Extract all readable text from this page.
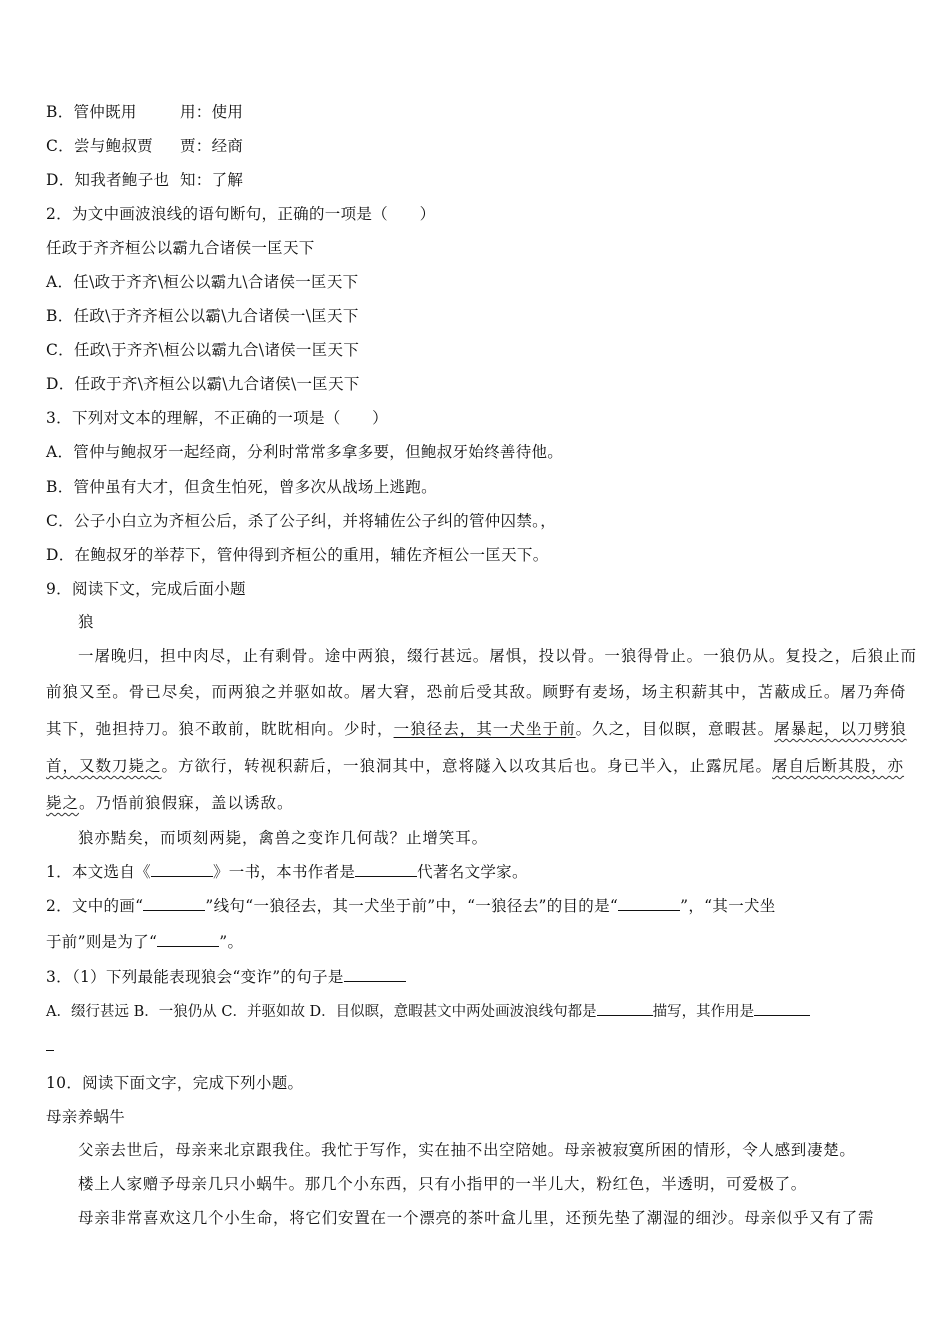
B．管仲既用	用：使用
C．尝与鲍叔贾 贾：经商
D．知我者鲍子也 知：了解
2．为文中画波浪线的语句断句，正确的一项是（　　）
任政于齐齐桓公以霸九合诸侯一匡天下
A．任\政于齐齐\桓公以霸九\合诸侯一匡天下
B．任政\于齐齐桓公以霸\九合诸侯一\匡天下
C．任政\于齐齐\桓公以霸九合\诸侯一匡天下
D．任政于齐\齐桓公以霸\九合诸侯\一匡天下
3．下列对文本的理解，不正确的一项是（　　）
A．管仲与鲍叔牙一起经商，分利时常常多拿多要，但鲍叔牙始终善待他。
B．管仲虽有大才，但贪生怕死，曾多次从战场上逃跑。
C．公子小白立为齐桓公后，杀了公子纠，并将辅佐公子纠的管仲囚禁。，
D．在鲍叔牙的举荐下，管仲得到齐桓公的重用，辅佐齐桓公一匡天下。
9．阅读下文，完成后面小题
狼
一屠晚归，担中肉尽，止有剩骨。途中两狼，缀行甚远。屠惧，投以骨。一狼得骨止。一狼仍从。复投之，后狼止而
前狼又至。骨已尽矣，而两狼之并驱如故。屠大窘，恐前后受其敌。顾野有麦场，场主积薪其中，苫蔽成丘。屠乃奔倚
其下，弛担持刀。狼不敢前，眈眈相向。少时，一狼径去，其一犬坐于前。久之，目似瞑，意暇甚。屠暴起，以刀劈狼
首，又数刀毙之。方欲行，转视积薪后，一狼洞其中，意将隧入以攻其后也。身已半入，止露尻尾。屠自后断其股，亦
毙之。乃悟前狼假寐，盖以诱敌。
狼亦黠矣，而顷刻两毙，禽兽之变诈几何哉？止增笑耳。
1．本文选自《	》一书，本书作者是	代著名文学家。
2．文中的画“	”线句“一狼径去，其一犬坐于前”中，“一狼径去”的目的是“	”，“其一犬坐
于前”则是为了“	”。
3．（1）下列最能表现狼会“变诈”的句子是
A．缀行甚远 B．一狼仍从 C．并驱如故 D．目似瞑，意暇甚文中两处画波浪线句都是	描写，其作用是
10．阅读下面文字，完成下列小题。
母亲养蜗牛
父亲去世后，母亲来北京跟我住。我忙于写作，实在抽不出空陪她。母亲被寂寞所困的情形，令人感到凄楚。
楼上人家赠予母亲几只小蜗牛。那几个小东西，只有小指甲的一半儿大，粉红色，半透明，可爱极了。
母亲非常喜欢这几个小生命，将它们安置在一个漂亮的茶叶盒儿里，还预先垫了潮湿的细沙。母亲似乎又有了需
